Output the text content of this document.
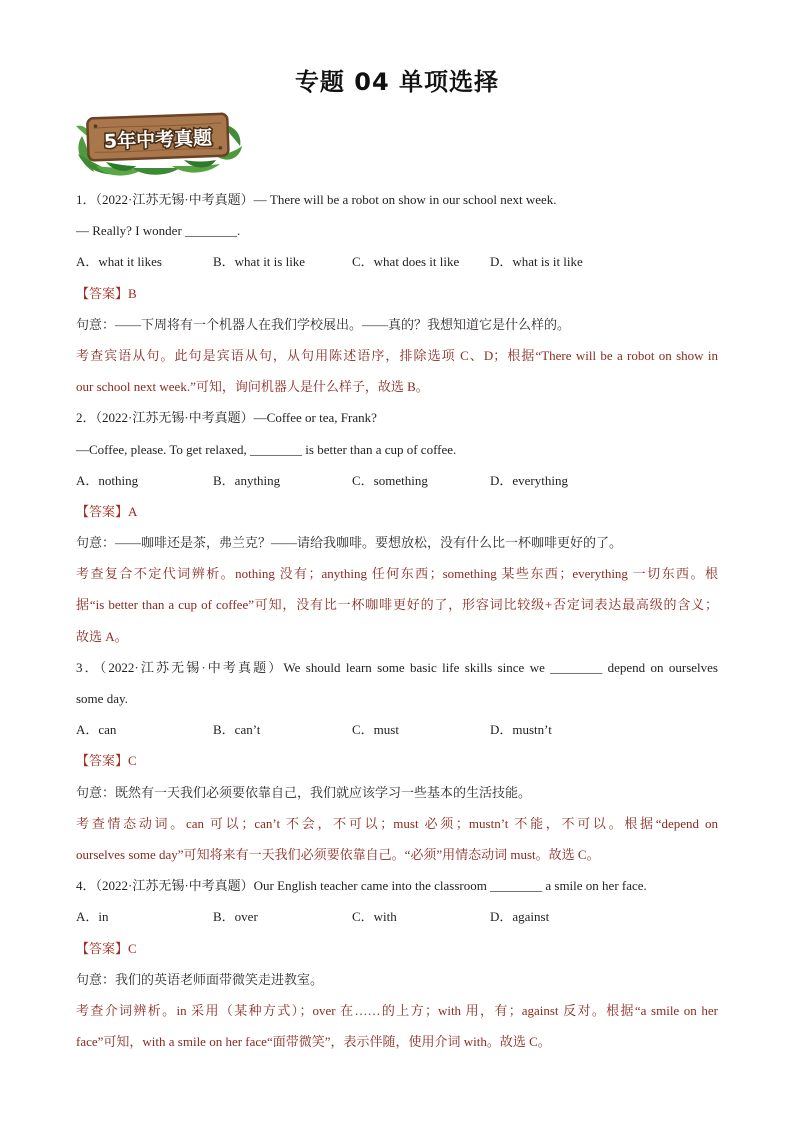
专题 04 单项选择
5年中考真题
1．（2022·江苏无锡·中考真题）— There will be a robot on show in our school next week.
— Really? I wonder ________.
A．what it likes	B．what it is like	C．what does it like D．what is it like
【答案】B
句意：——下周将有一个机器人在我们学校展出。——真的？我想知道它是什么样的。
考查宾语从句。此句是宾语从句，从句用陈述语序，排除选项 C、D；根据“There will be a robot on show in
our school next week.”可知，询问机器人是什么样子，故选 B。
2．（2022·江苏无锡·中考真题）—Coffee or tea, Frank?
—Coffee, please. To get relaxed, ________ is better than a cup of coffee.
A．nothing	B．anything	C．something	D．everything
【答案】A
句意：——咖啡还是茶，弗兰克？——请给我咖啡。要想放松，没有什么比一杯咖啡更好的了。
考查复合不定代词辨析。nothing 没有；anything 任何东西；something 某些东西；everything 一切东西。根
据“is better than a cup of coffee”可知，没有比一杯咖啡更好的了，形容词比较级+否定词表达最高级的含义；
故选 A。
3．（2022·江苏无锡·中考真题）We should learn some basic life skills since we ________ depend on ourselves
some day.
A．can	B．can’t	C．must	D．mustn’t
【答案】C
句意：既然有一天我们必须要依靠自己，我们就应该学习一些基本的生活技能。
考查情态动词。can 可以；can’t 不会，不可以；must 必须；mustn’t 不能，不可以。根据“depend on
ourselves some day”可知将来有一天我们必须要依靠自己。“必须”用情态动词 must。故选 C。
4．（2022·江苏无锡·中考真题）Our English teacher came into the classroom ________ a smile on her face.
A．in	B．over	C．with	D．against
【答案】C
句意：我们的英语老师面带微笑走进教室。
考查介词辨析。in 采用（某种方式）；over 在……的上方；with 用，有；against 反对。根据“a smile on her
face”可知，with a smile on her face“面带微笑”，表示伴随，使用介词 with。故选 C。
